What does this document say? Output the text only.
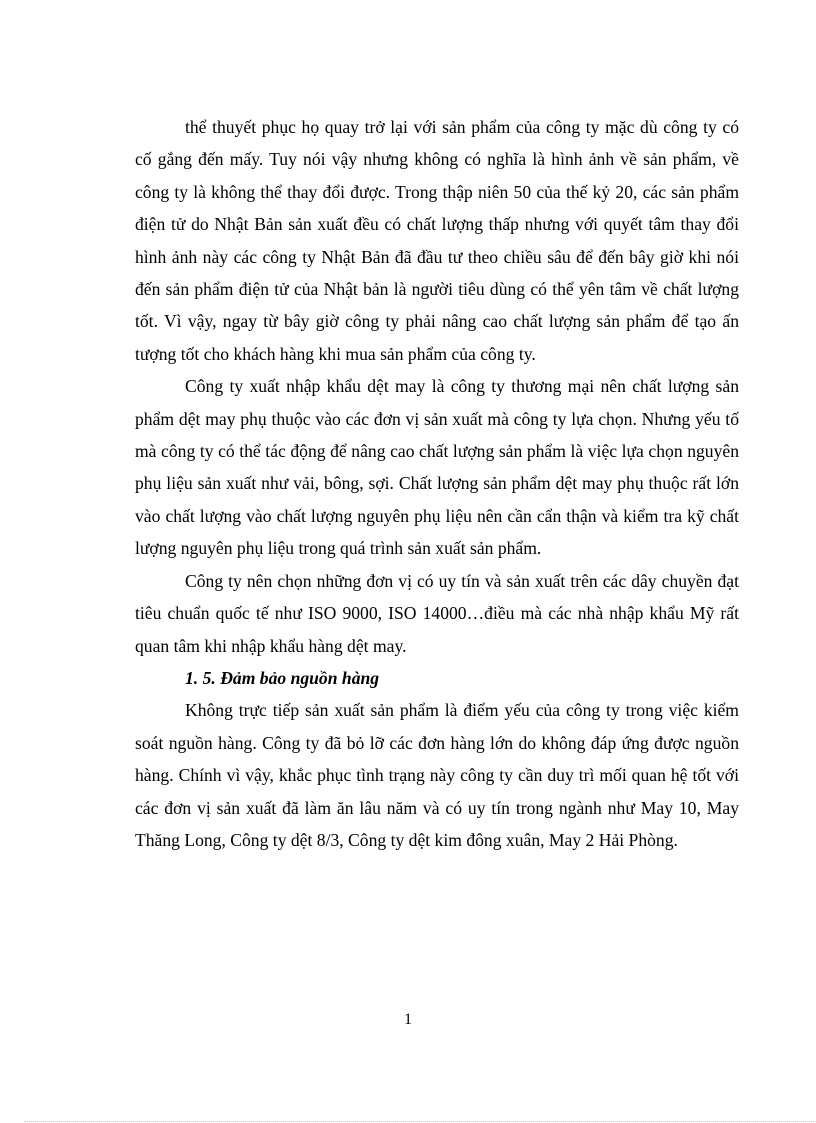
thể thuyết phục họ quay trở lại với sản phẩm của công ty mặc dù công ty có cố gắng đến mấy. Tuy nói vậy nhưng không có nghĩa là hình ảnh về sản phẩm, về công ty là không thể thay đổi được. Trong thập niên 50 của thế kỷ 20, các sản phẩm điện tử do Nhật Bản sản xuất đều có chất lượng thấp nhưng với quyết tâm thay đổi hình ảnh này các công ty Nhật Bản đã đầu tư theo chiều sâu để đến bây giờ khi nói đến sản phẩm điện tử của Nhật bản là người tiêu dùng có thể yên tâm về chất lượng tốt. Vì vậy, ngay từ bây giờ công ty phải nâng cao chất lượng sản phẩm để tạo ấn tượng tốt cho khách hàng khi mua sản phẩm của công ty.

Công ty xuất nhập khẩu dệt may là công ty thương mại nên chất lượng sản phẩm dệt may phụ thuộc vào các đơn vị sản xuất mà công ty lựa chọn. Nhưng yếu tố mà công ty có thể tác động để nâng cao chất lượng sản phẩm là việc lựa chọn nguyên phụ liệu sản xuất như vải, bông, sợi. Chất lượng sản phẩm dệt may phụ thuộc rất lớn vào chất lượng vào chất lượng nguyên phụ liệu nên cần cẩn thận và kiểm tra kỹ chất lượng nguyên phụ liệu trong quá trình sản xuất sản phẩm.

Công ty nên chọn những đơn vị có uy tín và sản xuất trên các dây chuyền đạt tiêu chuẩn quốc tế như ISO 9000, ISO 14000…điều mà các nhà nhập khẩu Mỹ rất quan tâm khi nhập khẩu hàng dệt may.

1. 5. Đảm bảo nguồn hàng

Không trực tiếp sản xuất sản phẩm là điểm yếu của công ty trong việc kiểm soát nguồn hàng. Công ty đã bỏ lỡ các đơn hàng lớn do không đáp ứng được nguồn hàng. Chính vì vậy, khắc phục tình trạng này công ty cần duy trì mối quan hệ tốt với các đơn vị sản xuất đã làm ăn lâu năm và có uy tín trong ngành như May 10, May Thăng Long, Công ty dệt 8/3, Công ty dệt kim đông xuân, May 2 Hải Phòng.

1
